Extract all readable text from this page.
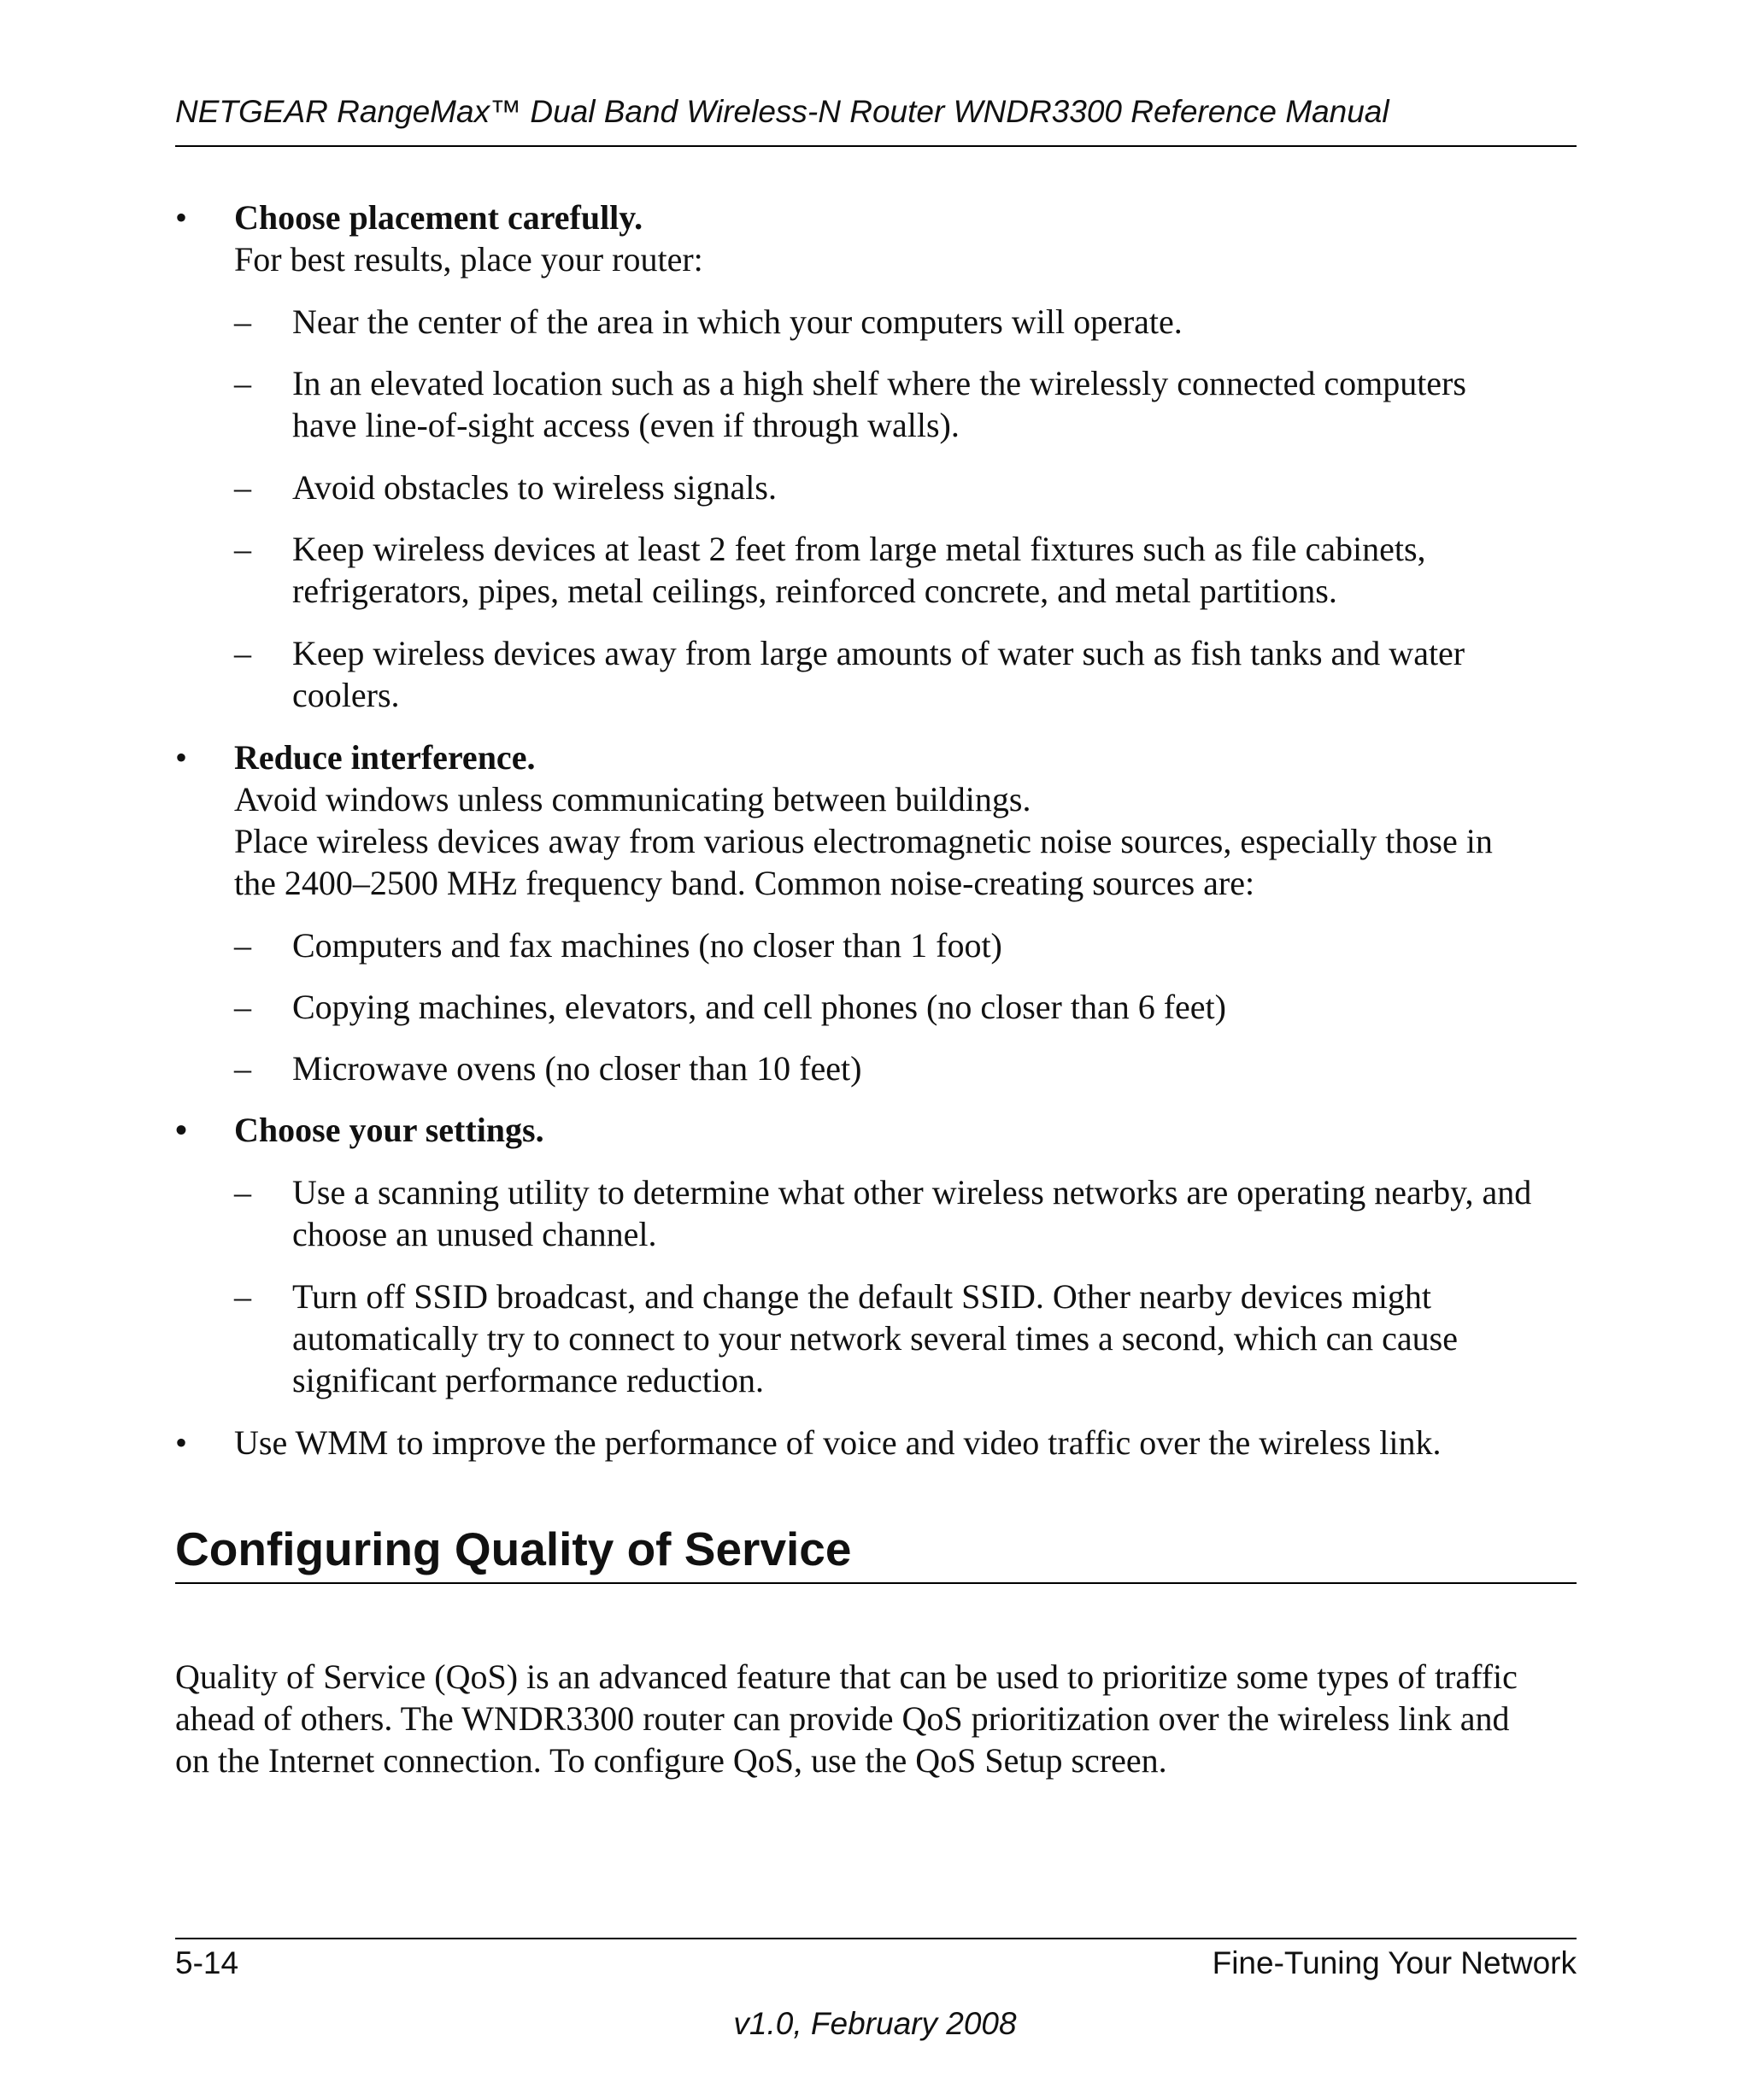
NETGEAR RangeMax™ Dual Band Wireless-N Router WNDR3300 Reference Manual
•	Choose placement carefully.
For best results, place your router:
–	Near the center of the area in which your computers will operate.
–	In an elevated location such as a high shelf where the wirelessly connected computers
have line-of-sight access (even if through walls).
–	Avoid obstacles to wireless signals.
–	Keep wireless devices at least 2 feet from large metal fixtures such as file cabinets,
refrigerators, pipes, metal ceilings, reinforced concrete, and metal partitions.
–	Keep wireless devices away from large amounts of water such as fish tanks and water
coolers.
•	Reduce interference.
Avoid windows unless communicating between buildings.
Place wireless devices away from various electromagnetic noise sources, especially those in
the 2400–2500 MHz frequency band. Common noise-creating sources are:
–	Computers and fax machines (no closer than 1 foot)
–	Copying machines, elevators, and cell phones (no closer than 6 feet)
–	Microwave ovens (no closer than 10 feet)
•	Choose your settings.
–	Use a scanning utility to determine what other wireless networks are operating nearby, and
choose an unused channel.
–	Turn off SSID broadcast, and change the default SSID. Other nearby devices might
automatically try to connect to your network several times a second, which can cause
significant performance reduction.
•	Use WMM to improve the performance of voice and video traffic over the wireless link.
Configuring Quality of Service
Quality of Service (QoS) is an advanced feature that can be used to prioritize some types of traffic
ahead of others. The WNDR3300 router can provide QoS prioritization over the wireless link and
on the Internet connection. To configure QoS, use the QoS Setup screen.
5-14	Fine-Tuning Your Network
v1.0, February 2008
